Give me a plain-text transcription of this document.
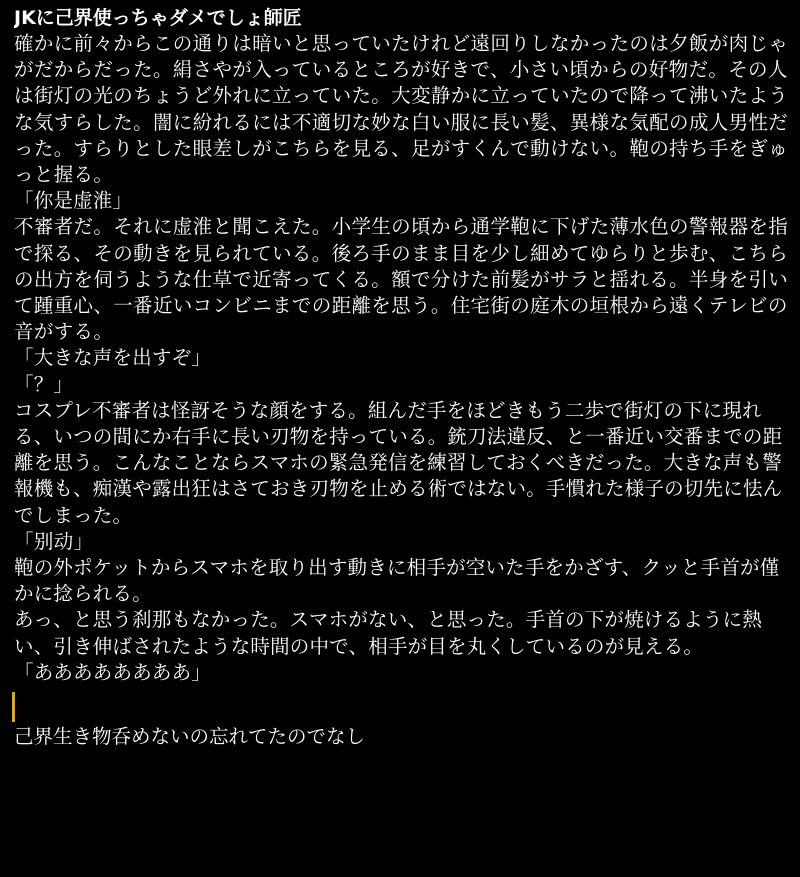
JKに己界使っちゃダメでしょ師匠

確かに前々からこの通りは暗いと思っていたけれど遠回りしなかったのは夕飯が肉じゃがだからだった。絹さやが入っているところが好きで、小さい頃からの好物だ。その人は街灯の光のちょうど外れに立っていた。大変静かに立っていたので降って沸いたような気すらした。闇に紛れるには不適切な妙な白い服に長い髪、異様な気配の成人男性だった。すらりとした眼差しがこちらを見る、足がすくんで動けない。鞄の持ち手をぎゅっと握る。

「你是虚淮」

不審者だ。それに虚淮と聞こえた。小学生の頃から通学鞄に下げた薄水色の警報器を指で探る、その動きを見られている。後ろ手のまま目を少し細めてゆらりと歩む、こちらの出方を伺うような仕草で近寄ってくる。額で分けた前髪がサラと揺れる。半身を引いて踵重心、一番近いコンビニまでの距離を思う。住宅街の庭木の垣根から遠くテレビの音がする。

「大きな声を出すぞ」

「？」

コスプレ不審者は怪訝そうな顔をする。組んだ手をほどきもう二歩で街灯の下に現れる、いつの間にか右手に長い刃物を持っている。銃刀法違反、と一番近い交番までの距離を思う。こんなことならスマホの緊急発信を練習しておくべきだった。大きな声も警報機も、痴漢や露出狂はさておき刃物を止める術ではない。手慣れた様子の切先に怯んでしまった。

「别动」

鞄の外ポケットからスマホを取り出す動きに相手が空いた手をかざす、クッと手首が僅かに捻られる。

あっ、と思う刹那もなかった。スマホがない、と思った。手首の下が焼けるように熱い、引き伸ばされたような時間の中で、相手が目を丸くしているのが見える。

「ああああああああ」

己界生き物呑めないの忘れてたのでなし
